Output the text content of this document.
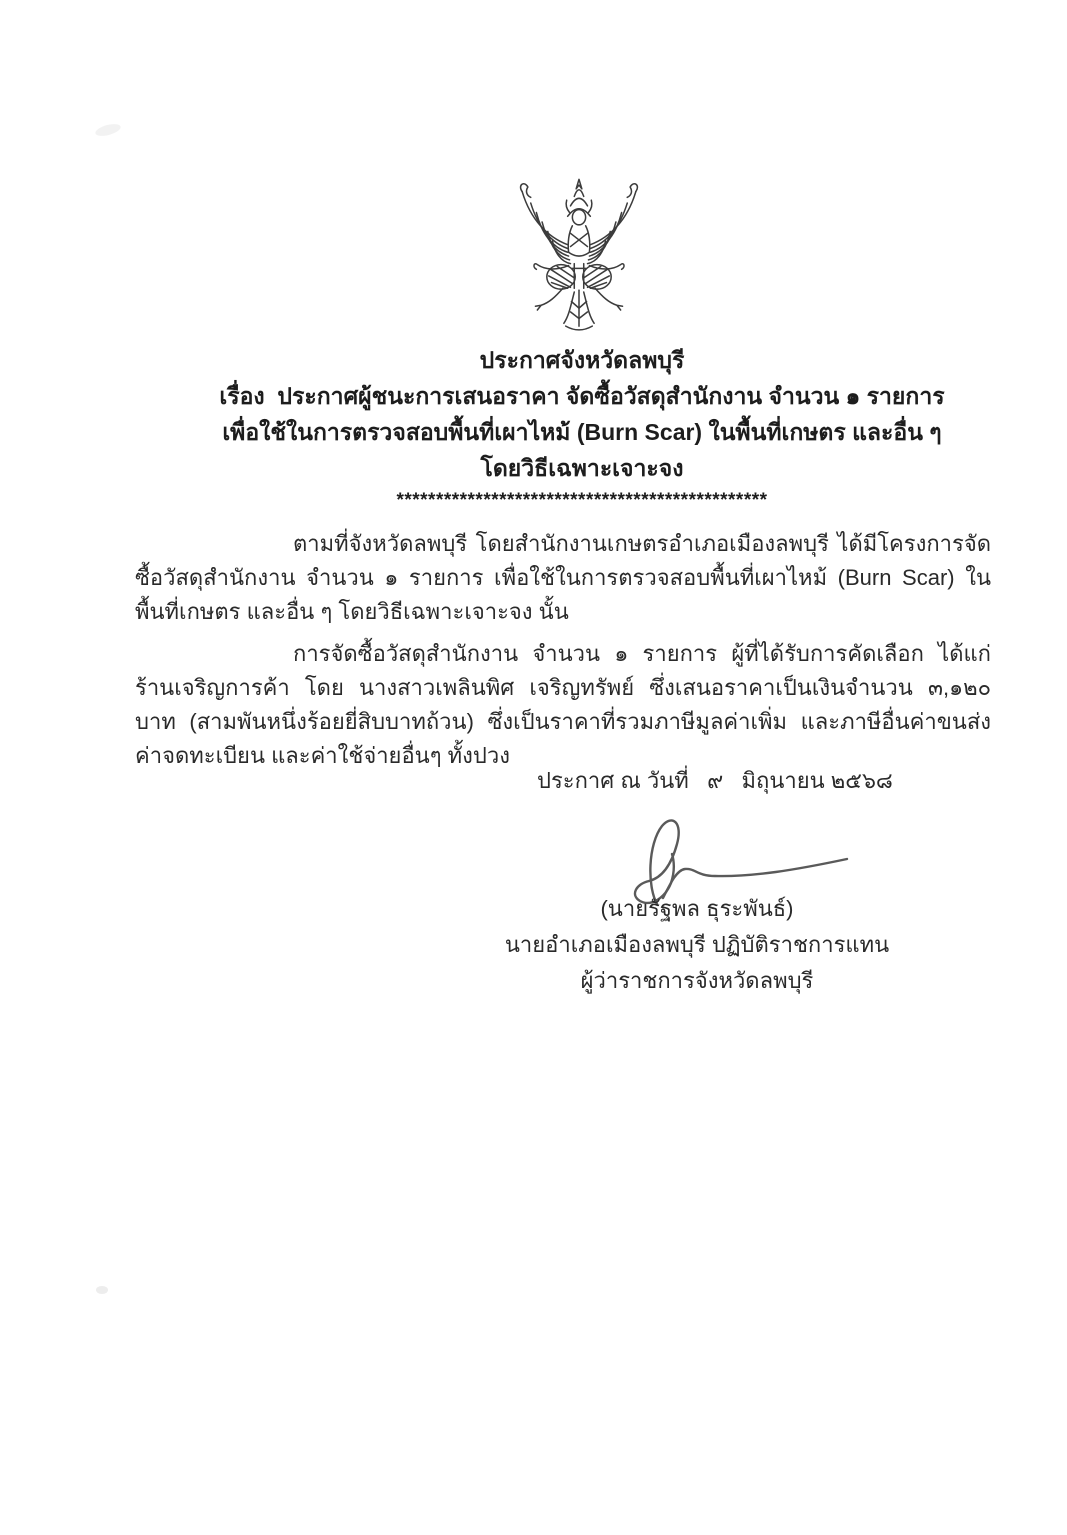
ประกาศจังหวัดลพบุรี
เรื่อง  ประกาศผู้ชนะการเสนอราคา จัดซื้อวัสดุสำนักงาน จำนวน ๑ รายการ
เพื่อใช้ในการตรวจสอบพื้นที่เผาไหม้ (Burn Scar) ในพื้นที่เกษตร และอื่น ๆ
โดยวิธีเฉพาะเจาะจง
***********************************************

ตามที่จังหวัดลพบุรี โดยสำนักงานเกษตรอำเภอเมืองลพบุรี ได้มีโครงการจัดซื้อวัสดุสำนักงาน จำนวน ๑ รายการ เพื่อใช้ในการตรวจสอบพื้นที่เผาไหม้ (Burn Scar) ในพื้นที่เกษตร และอื่น ๆ โดยวิธีเฉพาะเจาะจง นั้น

การจัดซื้อวัสดุสำนักงาน จำนวน ๑ รายการ ผู้ที่ได้รับการคัดเลือก ได้แก่ ร้านเจริญการค้า โดย นางสาวเพลินพิศ เจริญทรัพย์ ซึ่งเสนอราคาเป็นเงินจำนวน ๓,๑๒๐ บาท (สามพันหนึ่งร้อยยี่สิบบาทถ้วน) ซึ่งเป็นราคาที่รวมภาษีมูลค่าเพิ่ม และภาษีอื่นค่าขนส่ง ค่าจดทะเบียน และค่าใช้จ่ายอื่นๆ ทั้งปวง

ประกาศ ณ วันที่   ๙   มิถุนายน ๒๕๖๘
(นายรัฐพล ธุระพันธ์)
นายอำเภอเมืองลพบุรี ปฏิบัติราชการแทน
ผู้ว่าราชการจังหวัดลพบุรี
